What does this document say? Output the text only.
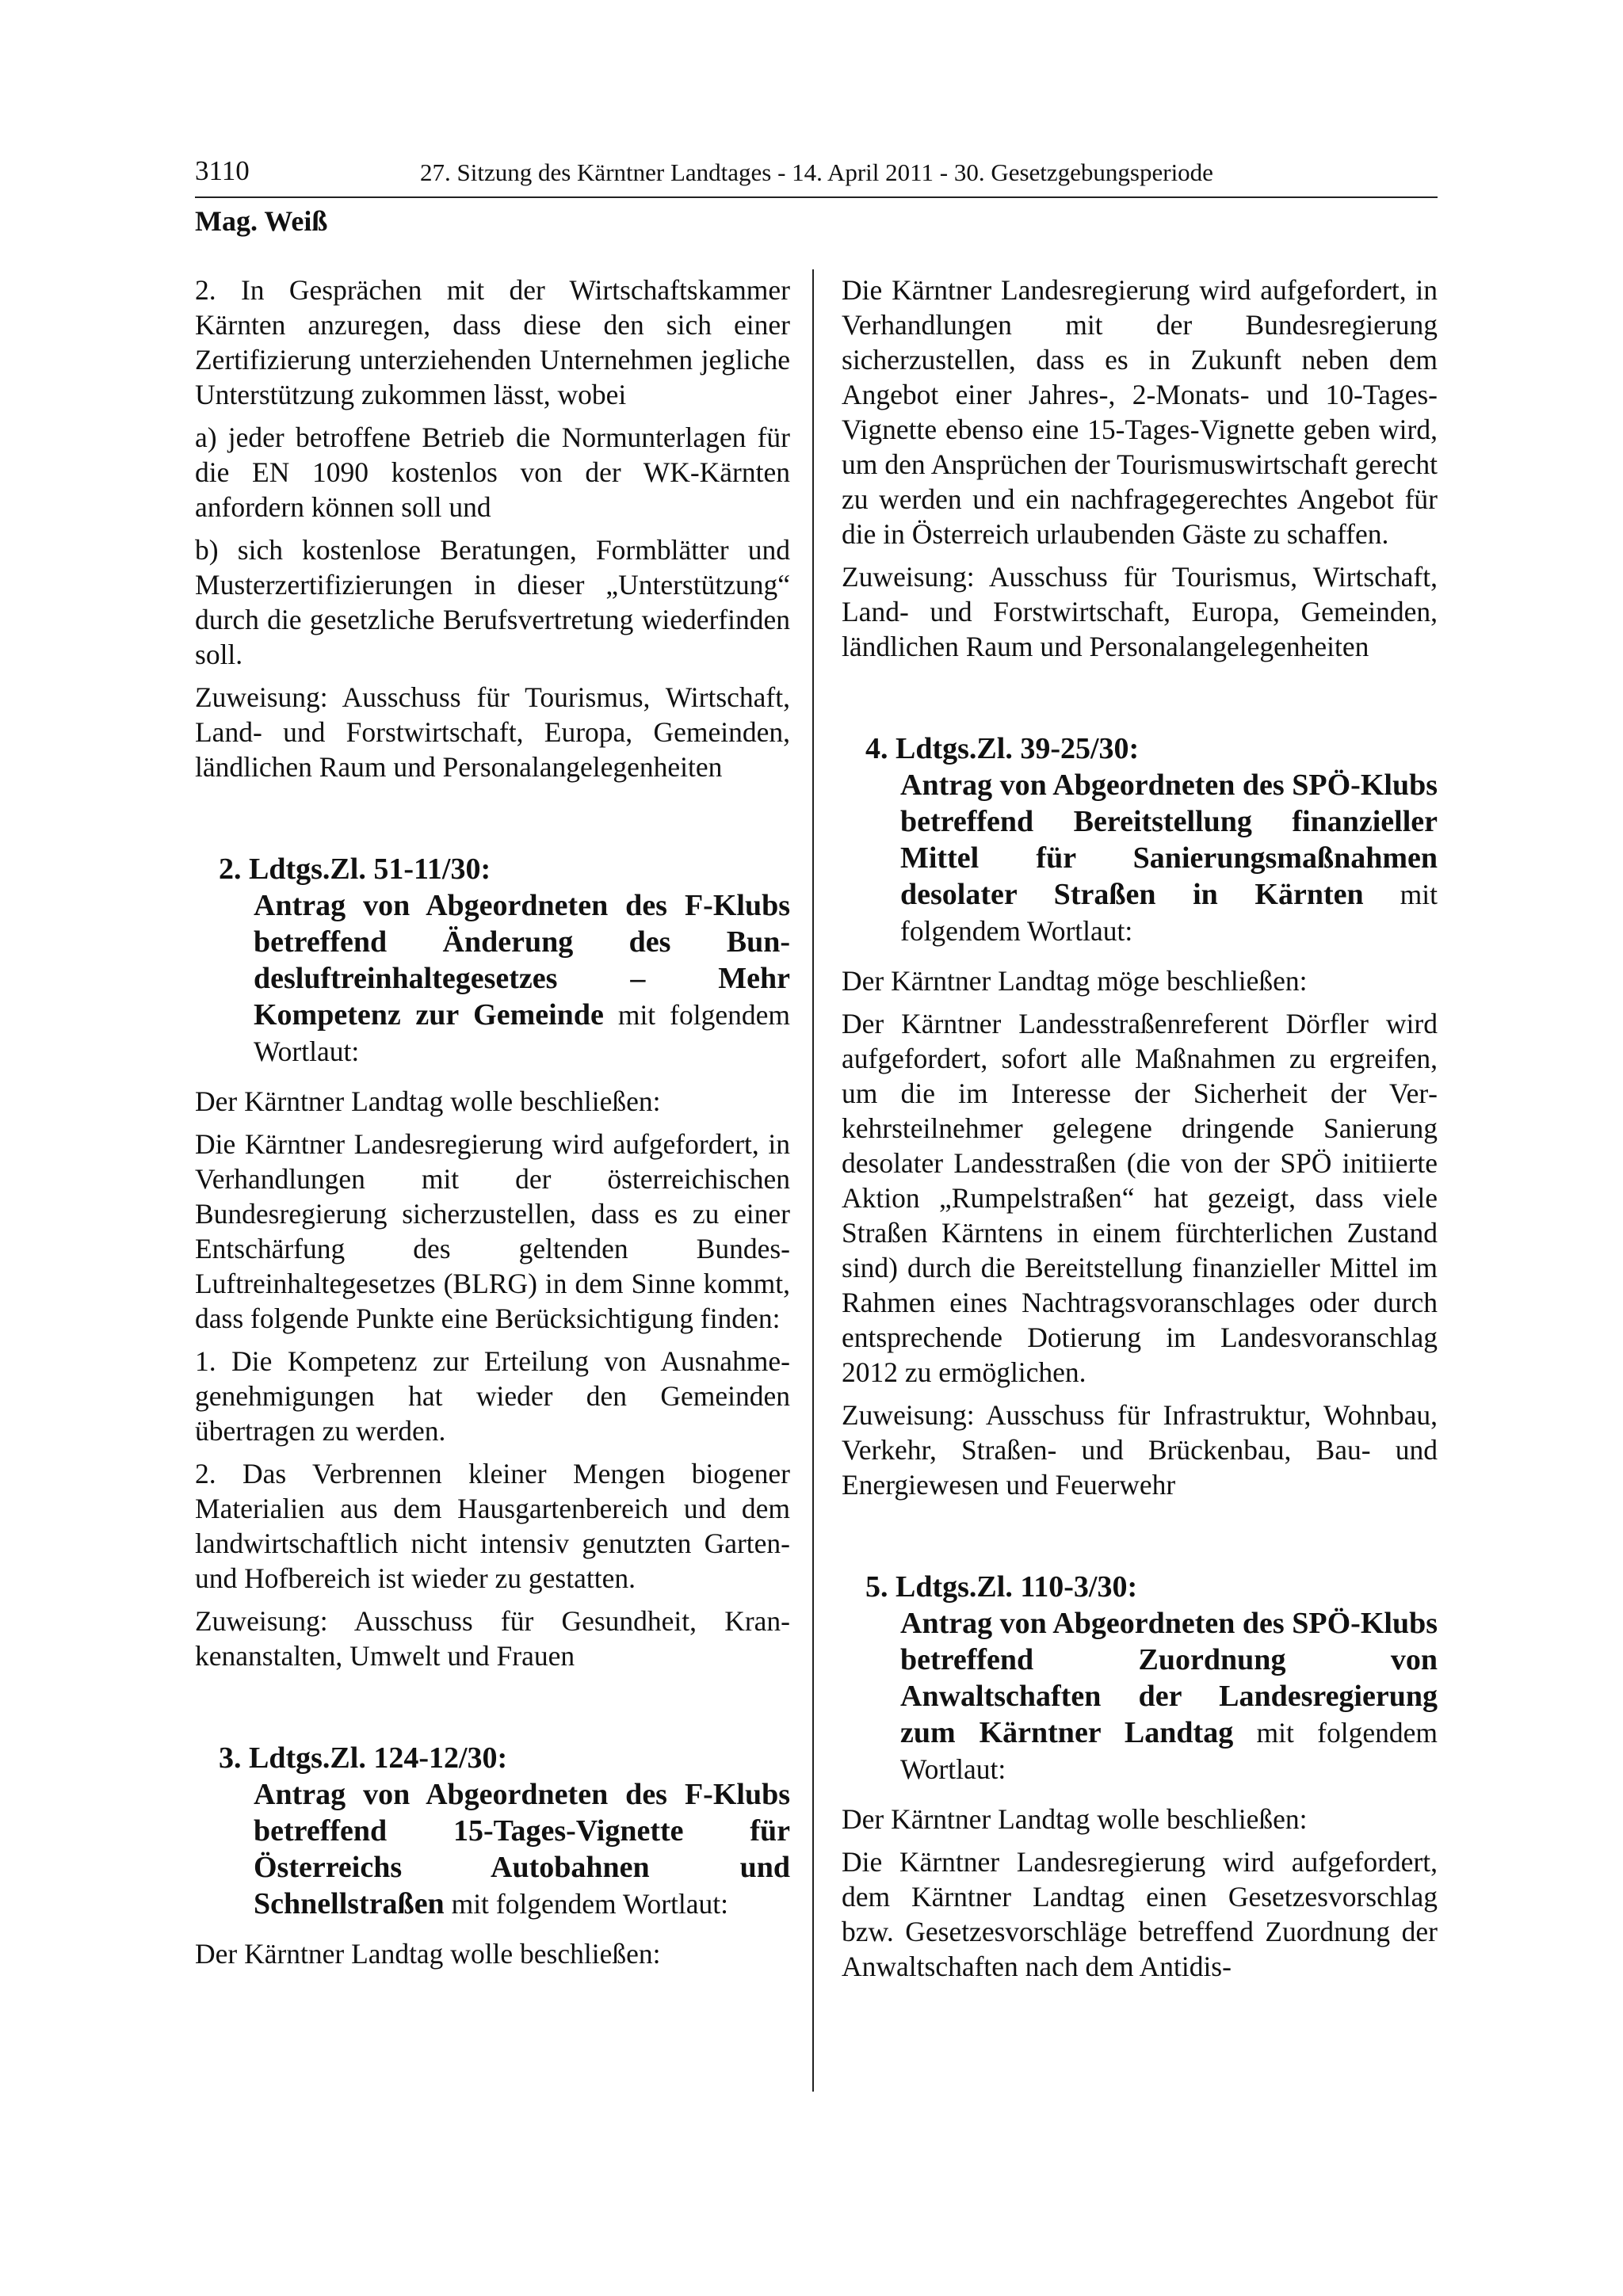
3110	27. Sitzung des Kärntner Landtages - 14. April 2011 - 30. Gesetzgebungsperiode
Mag. Weiß

2. In Gesprächen mit der Wirtschaftskammer Kärnten anzuregen, dass diese den sich einer Zertifizierung unterziehenden Unternehmen jegliche Unterstützung zukommen lässt, wobei

a) jeder betroffene Betrieb die Normunterlagen für die EN 1090 kostenlos von der WK-Kärnten anfordern können soll und

b) sich kostenlose Beratungen, Formblätter und Musterzertifizierungen in dieser „Unterstützung“ durch die gesetzliche Berufsvertretung wiederfinden soll.

Zuweisung: Ausschuss für Tourismus, Wirtschaft, Land- und Forstwirtschaft, Europa, Gemeinden, ländlichen Raum und Personalangelegenheiten

2. Ldtgs.Zl. 51-11/30:
Antrag von Abgeordneten des F-Klubs betreffend Änderung des Bundesluftreinhaltegesetzes – Mehr Kompetenz zur Gemeinde mit folgendem Wortlaut:

Der Kärntner Landtag wolle beschließen:

Die Kärntner Landesregierung wird aufgefordert, in Verhandlungen mit der österreichischen Bundesregierung sicherzustellen, dass es zu einer Entschärfung des geltenden Bundes-Luftreinhaltegesetzes (BLRG) in dem Sinne kommt, dass folgende Punkte eine Berücksichtigung finden:

1. Die Kompetenz zur Erteilung von Ausnahmegenehmigungen hat wieder den Gemeinden übertragen zu werden.

2. Das Verbrennen kleiner Mengen biogener Materialien aus dem Hausgartenbereich und dem landwirtschaftlich nicht intensiv genutzten Garten- und Hofbereich ist wieder zu gestatten.

Zuweisung: Ausschuss für Gesundheit, Krankenanstalten, Umwelt und Frauen

3. Ldtgs.Zl. 124-12/30:
Antrag von Abgeordneten des F-Klubs betreffend 15-Tages-Vignette für Österreichs Autobahnen und Schnellstraßen mit folgendem Wortlaut:

Der Kärntner Landtag wolle beschließen:

Die Kärntner Landesregierung wird aufgefordert, in Verhandlungen mit der Bundesregierung sicherzustellen, dass es in Zukunft neben dem Angebot einer Jahres-, 2-Monats- und 10-Tages-Vignette ebenso eine 15-Tages-Vignette geben wird, um den Ansprüchen der Tourismuswirtschaft gerecht zu werden und ein nachfragegerechtes Angebot für die in Österreich urlaubenden Gäste zu schaffen.

Zuweisung: Ausschuss für Tourismus, Wirtschaft, Land- und Forstwirtschaft, Europa, Gemeinden, ländlichen Raum und Personalangelegenheiten

4. Ldtgs.Zl. 39-25/30:
Antrag von Abgeordneten des SPÖ-Klubs betreffend Bereitstellung finanzieller Mittel für Sanierungsmaßnahmen desolater Straßen in Kärnten mit folgendem Wortlaut:

Der Kärntner Landtag möge beschließen:

Der Kärntner Landesstraßenreferent Dörfler wird aufgefordert, sofort alle Maßnahmen zu ergreifen, um die im Interesse der Sicherheit der Verkehrsteilnehmer gelegene dringende Sanierung desolater Landesstraßen (die von der SPÖ initiierte Aktion „Rumpelstraßen“ hat gezeigt, dass viele Straßen Kärntens in einem fürchterlichen Zustand sind) durch die Bereitstellung finanzieller Mittel im Rahmen eines Nachtragsvoranschlages oder durch entsprechende Dotierung im Landesvoranschlag 2012 zu ermöglichen.

Zuweisung: Ausschuss für Infrastruktur, Wohnbau, Verkehr, Straßen- und Brückenbau, Bau- und Energiewesen und Feuerwehr

5. Ldtgs.Zl. 110-3/30:
Antrag von Abgeordneten des SPÖ-Klubs betreffend Zuordnung von Anwaltschaften der Landesregierung zum Kärntner Landtag mit folgendem Wortlaut:

Der Kärntner Landtag wolle beschließen:

Die Kärntner Landesregierung wird aufgefordert, dem Kärntner Landtag einen Gesetzesvorschlag bzw. Gesetzesvorschläge betreffend Zuordnung der Anwaltschaften nach dem Antidis-
